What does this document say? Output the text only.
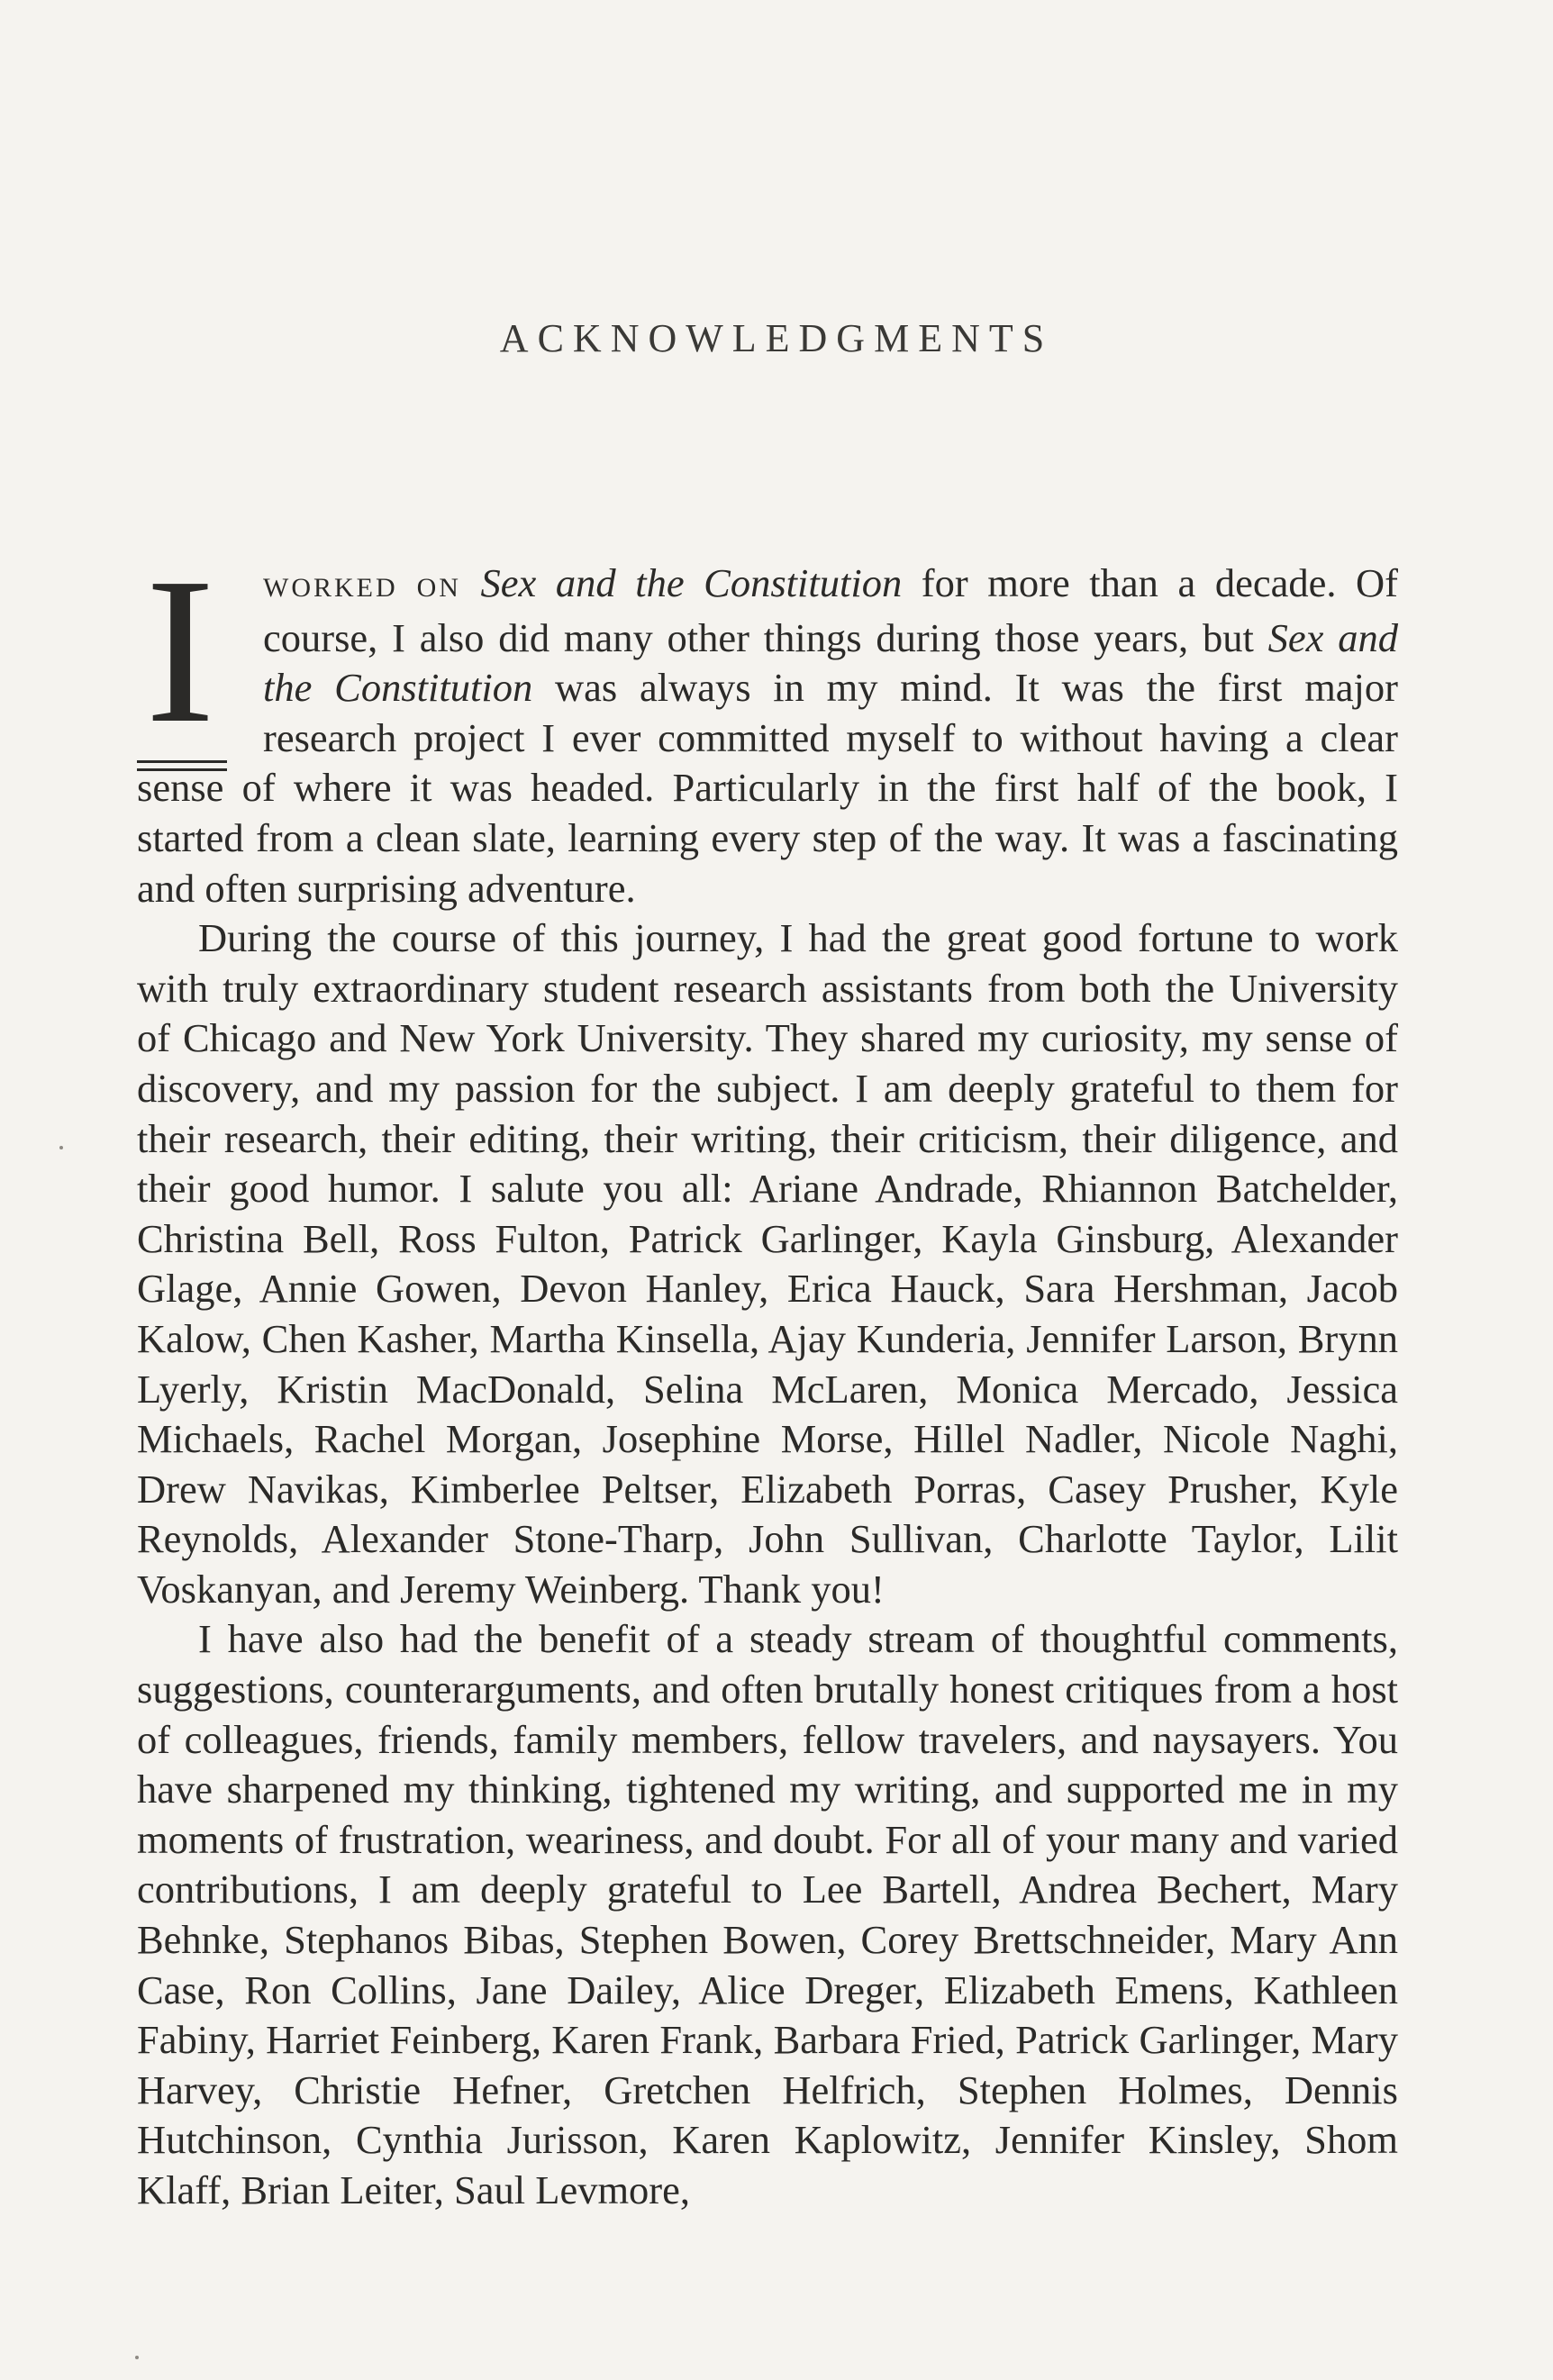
ACKNOWLEDGMENTS

I	WORKED ON Sex and the Constitution for more than a decade. Of course, I also did many other things during those years, but Sex and the Constitution was always in my mind. It was the first major research project I ever committed myself to without having a clear sense of where it was headed. Particularly in the first half of the book, I started from a clean slate, learning every step of the way. It was a fascinating and often surprising adventure.

During the course of this journey, I had the great good fortune to work with truly extraordinary student research assistants from both the University of Chicago and New York University. They shared my curiosity, my sense of discovery, and my passion for the subject. I am deeply grateful to them for their research, their editing, their writing, their criticism, their diligence, and their good humor. I salute you all: Ariane Andrade, Rhiannon Batchelder, Christina Bell, Ross Fulton, Patrick Garlinger, Kayla Ginsburg, Alexander Glage, Annie Gowen, Devon Hanley, Erica Hauck, Sara Hershman, Jacob Kalow, Chen Kasher, Martha Kinsella, Ajay Kunderia, Jennifer Larson, Brynn Lyerly, Kristin MacDonald, Selina McLaren, Monica Mercado, Jessica Michaels, Rachel Morgan, Josephine Morse, Hillel Nadler, Nicole Naghi, Drew Navikas, Kimberlee Peltser, Elizabeth Porras, Casey Prusher, Kyle Reynolds, Alexander Stone-Tharp, John Sullivan, Charlotte Taylor, Lilit Voskanyan, and Jeremy Weinberg. Thank you!

I have also had the benefit of a steady stream of thoughtful comments, suggestions, counterarguments, and often brutally honest critiques from a host of colleagues, friends, family members, fellow travelers, and naysayers. You have sharpened my thinking, tightened my writing, and supported me in my moments of frustration, weariness, and doubt. For all of your many and varied contributions, I am deeply grateful to Lee Bartell, Andrea Bechert, Mary Behnke, Stephanos Bibas, Stephen Bowen, Corey Brettschneider, Mary Ann Case, Ron Collins, Jane Dailey, Alice Dreger, Elizabeth Emens, Kathleen Fabiny, Harriet Feinberg, Karen Frank, Barbara Fried, Patrick Garlinger, Mary Harvey, Christie Hefner, Gretchen Helfrich, Stephen Holmes, Dennis Hutchinson, Cynthia Jurisson, Karen Kaplowitz, Jennifer Kinsley, Shom Klaff, Brian Leiter, Saul Levmore,
